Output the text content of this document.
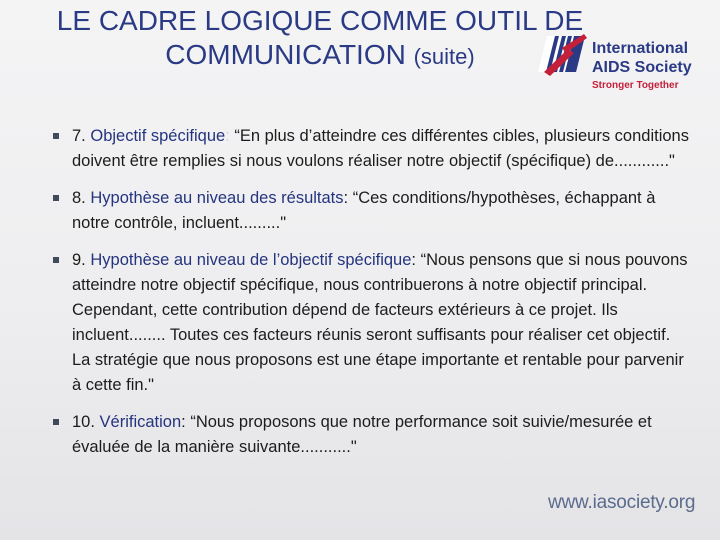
LE CADRE LOGIQUE COMME OUTIL DE COMMUNICATION (suite)	International
AIDS Society
Stronger Together
7. Objectif spécifique: “En plus d’atteindre ces différentes cibles, plusieurs conditions doivent être remplies si nous voulons réaliser notre objectif (spécifique) de............"
8. Hypothèse au niveau des résultats: “Ces conditions/hypothèses, échappant à notre contrôle, incluent........."
9. Hypothèse au niveau de l’objectif spécifique: “Nous pensons que si nous pouvons atteindre notre objectif spécifique, nous contribuerons à notre objectif principal. Cependant, cette contribution dépend de facteurs extérieurs à ce projet. Ils incluent........ Toutes ces facteurs réunis seront suffisants pour réaliser cet objectif. La stratégie que nous proposons est une étape importante et rentable pour parvenir à cette fin."
10. Vérification: “Nous proposons que notre performance soit suivie/mesurée et évaluée de la manière suivante..........."
www.iasociety.org
